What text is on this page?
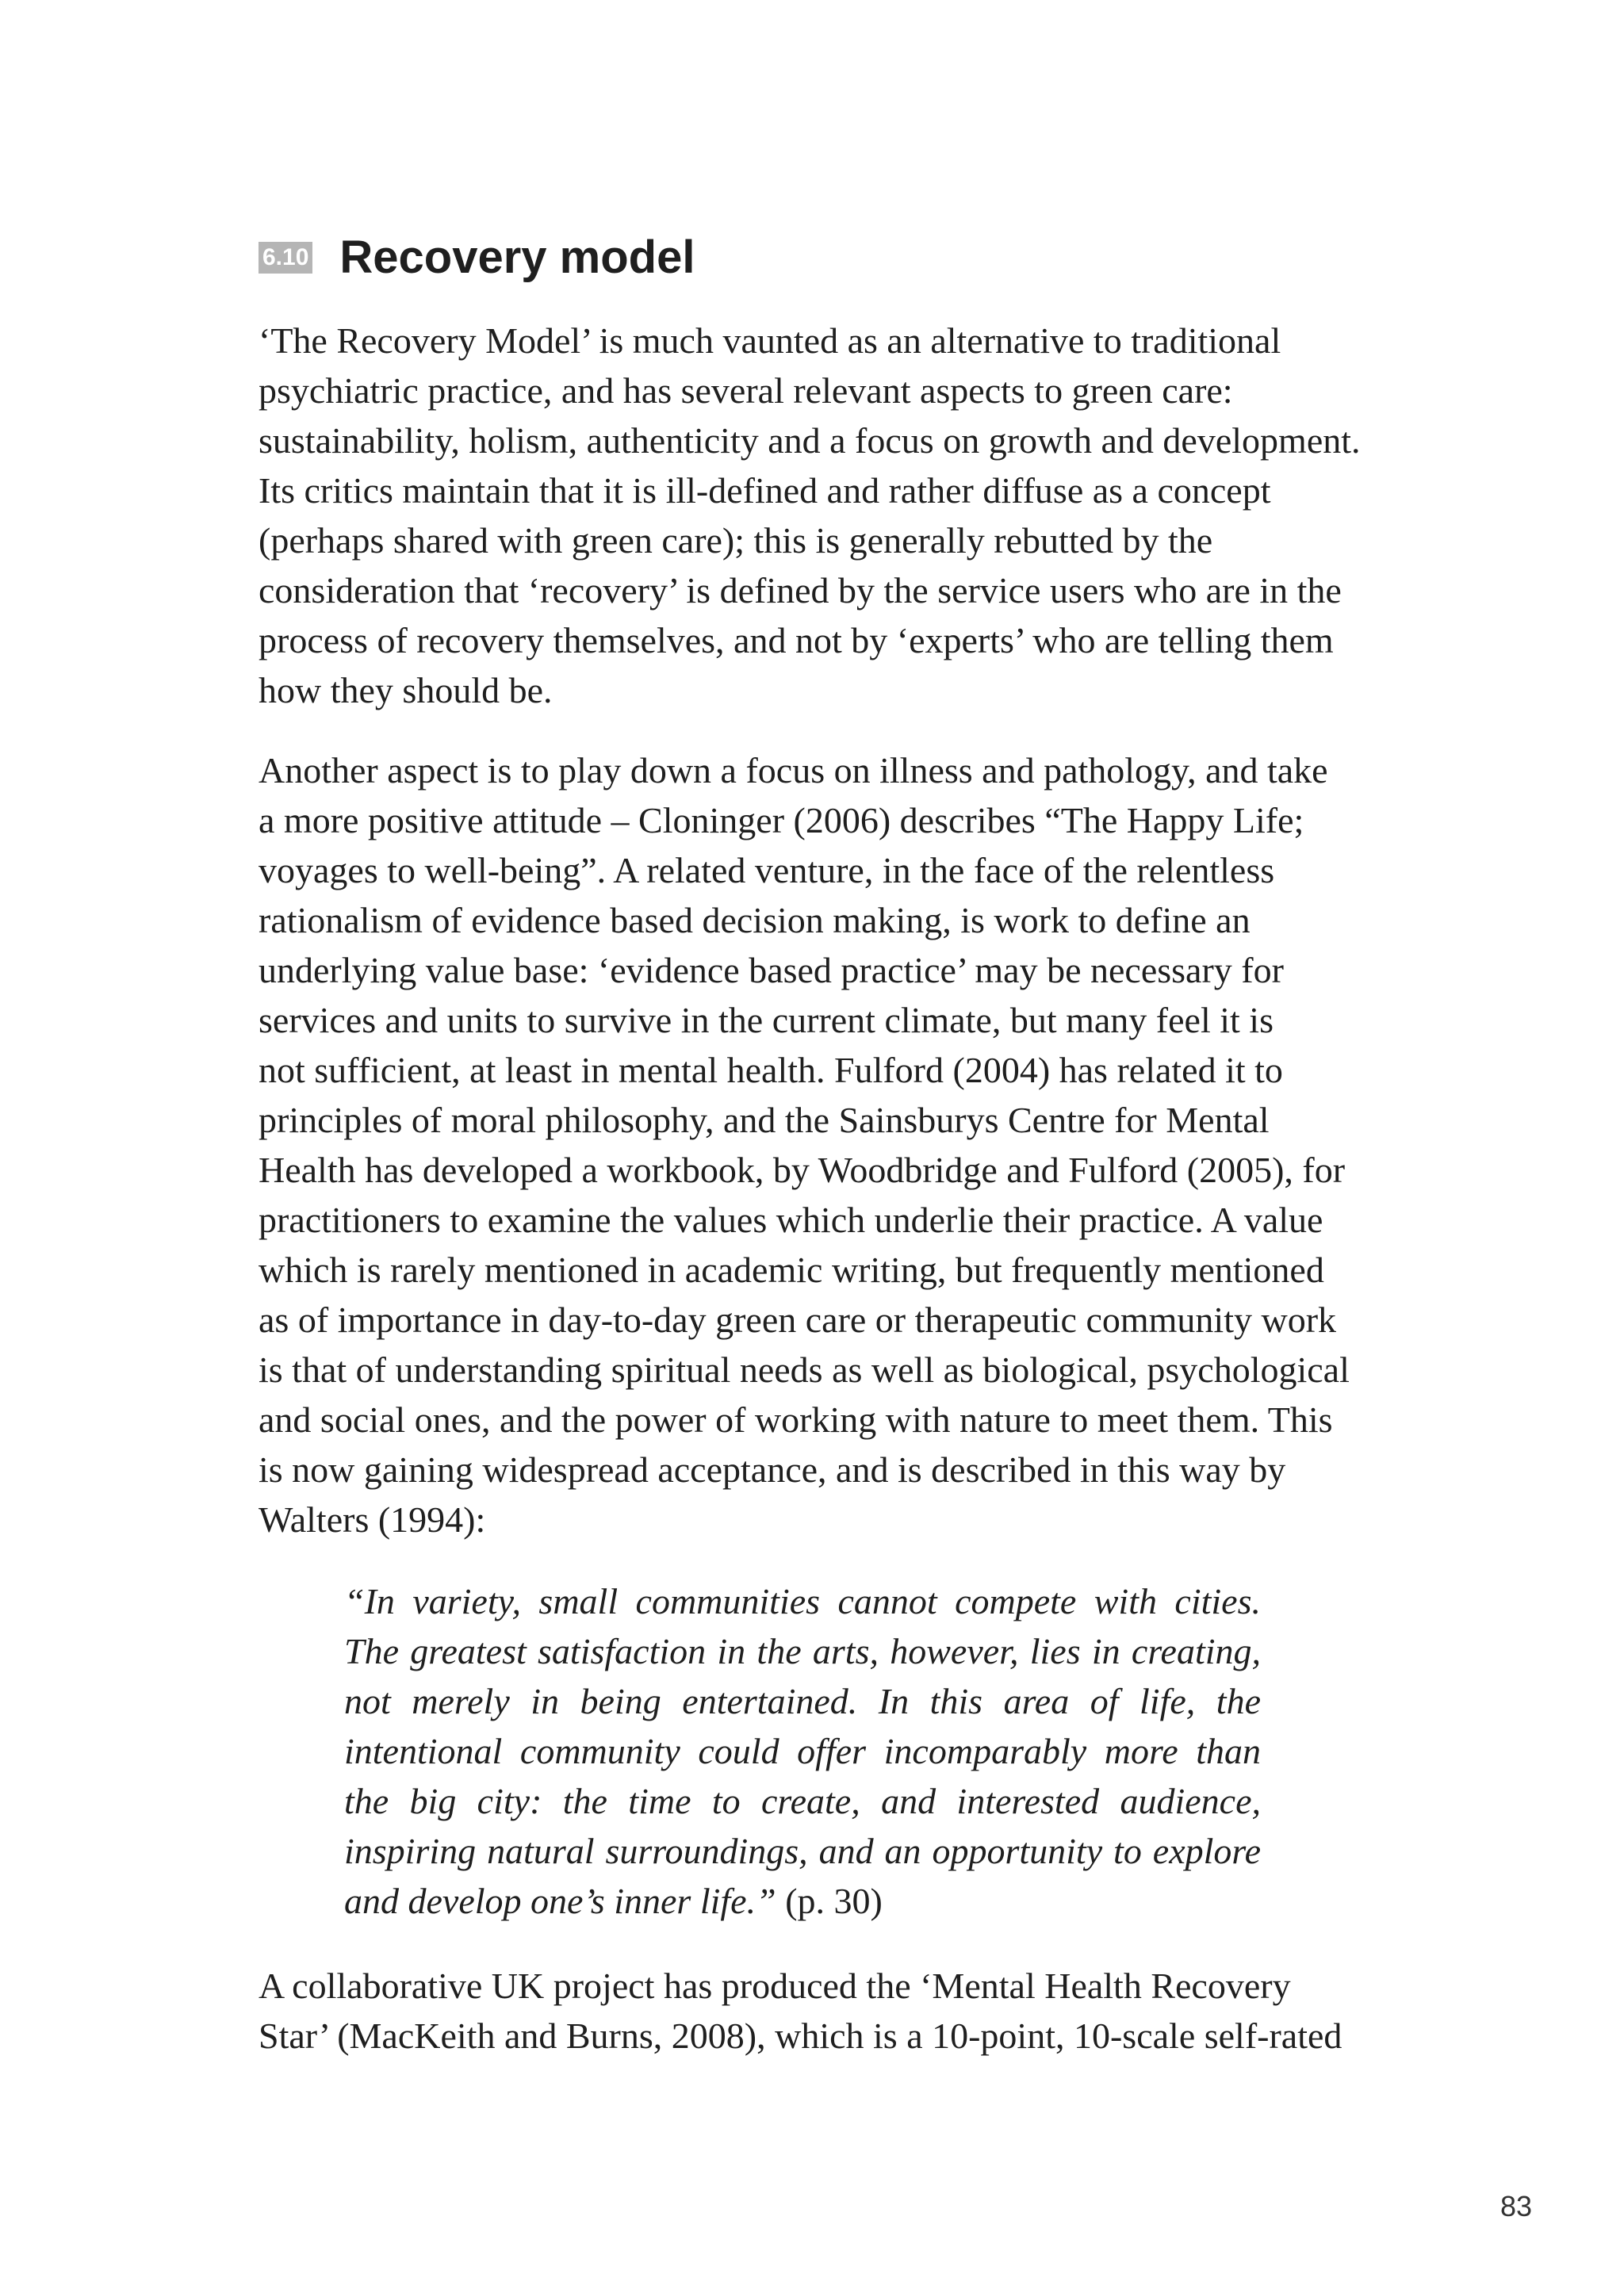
6.10 Recovery model
‘The Recovery Model’ is much vaunted as an alternative to traditional
psychiatric practice, and has several relevant aspects to green care:
sustainability, holism, authenticity and a focus on growth and development.
Its critics maintain that it is ill-defined and rather diffuse as a concept
(perhaps shared with green care); this is generally rebutted by the
consideration that ‘recovery’ is defined by the service users who are in the
process of recovery themselves, and not by ‘experts’ who are telling them
how they should be.
Another aspect is to play down a focus on illness and pathology, and take
a more positive attitude – Cloninger (2006) describes “The Happy Life;
voyages to well-being”. A related venture, in the face of the relentless
rationalism of evidence based decision making, is work to define an
underlying value base: ‘evidence based practice’ may be necessary for
services and units to survive in the current climate, but many feel it is
not sufficient, at least in mental health. Fulford (2004) has related it to
principles of moral philosophy, and the Sainsburys Centre for Mental
Health has developed a workbook, by Woodbridge and Fulford (2005), for
practitioners to examine the values which underlie their practice. A value
which is rarely mentioned in academic writing, but frequently mentioned
as of importance in day-to-day green care or therapeutic community work
is that of understanding spiritual needs as well as biological, psychological
and social ones, and the power of working with nature to meet them. This
is now gaining widespread acceptance, and is described in this way by
Walters (1994):
“In variety, small communities cannot compete with cities. The greatest satisfaction in the arts, however, lies in creating, not merely in being entertained. In this area of life, the intentional community could offer incomparably more than the big city: the time to create, and interested audience, inspiring natural surroundings, and an opportunity to explore and develop one’s inner life.” (p. 30)
A collaborative UK project has produced the ‘Mental Health Recovery
Star’ (MacKeith and Burns, 2008), which is a 10-point, 10-scale self-rated
83
